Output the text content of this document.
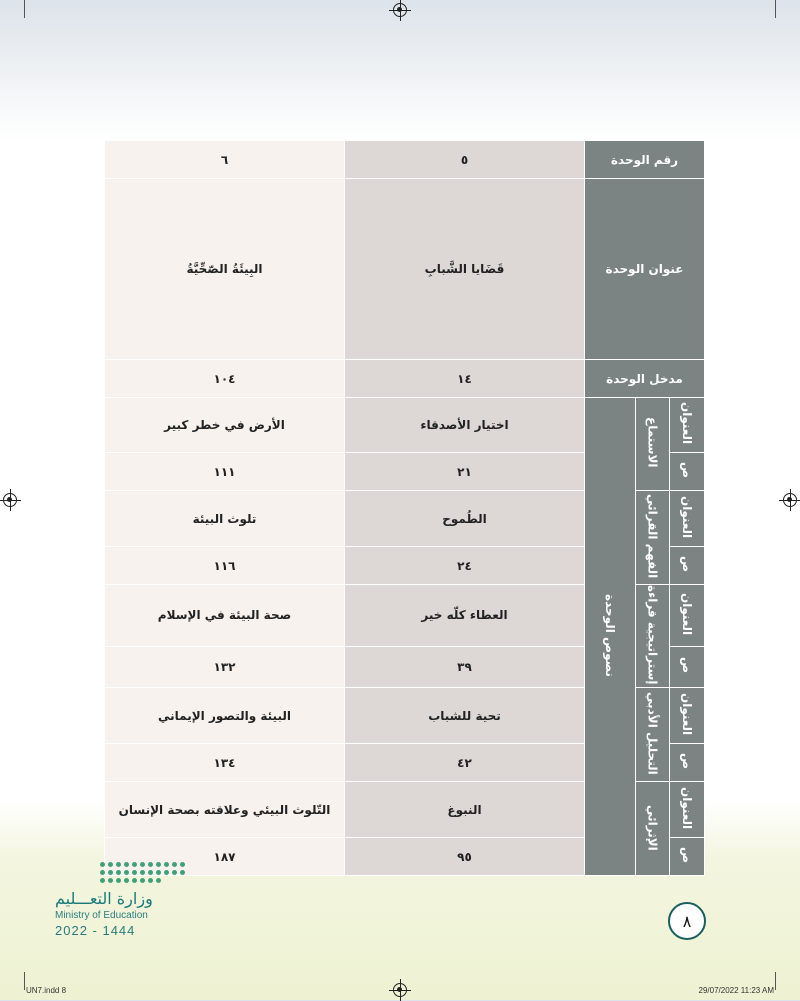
رقم الوحدة			٥	٦
عنوان الوحدة			قَضَايا الشَّبابِ	البِيئَةُ الصّحِّيَّةُ
مدخل الوحدة			١٤	١٠٤
العنوان	الاستماع	نصوص الوحدة	اختيار الأصدقاء	الأرض في خطر كبير
ص			٢١	١١١
العنوان	الفهم القرائي		الطُموح	تلوث البيئة
ص			٢٤	١١٦
العنوان	إستراتيجية قراءة		العطاء كلّه خير	صحة البيئة في الإسلام
ص			٣٩	١٣٢
العنوان	التحليل الأدبي		تحية للشباب	البيئة والتصور الإيماني
ص			٤٢	١٣٤
العنوان	الإثرائي		النبوغ	التّلوث البيئي وعلاقته بصحة الإنسان
ص			٩٥	١٨٧
وزارة التعـــليم
Ministry of Education
2022 - 1444	٨
UN7.indd 8	29/07/2022 11:23 AM
